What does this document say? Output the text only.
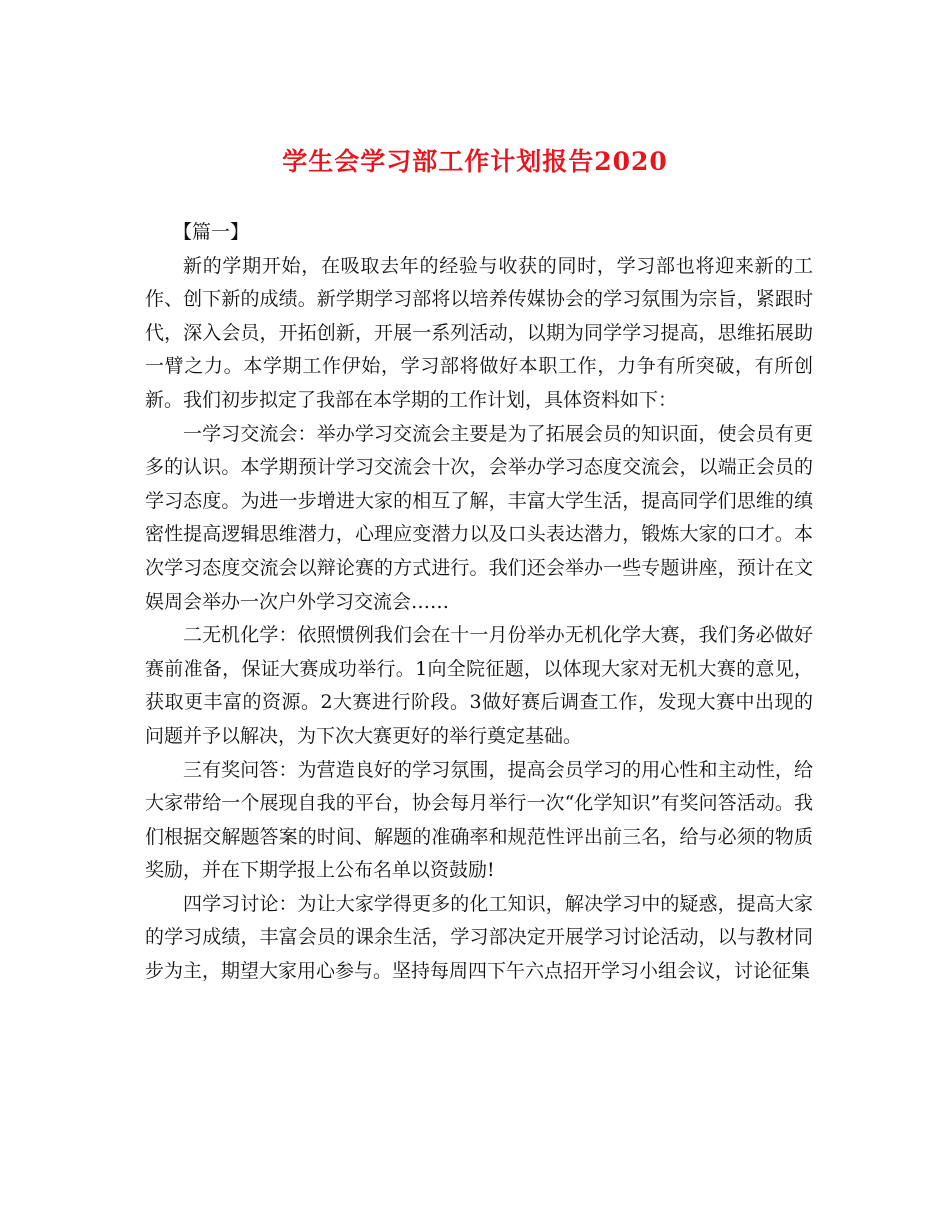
学生会学习部工作计划报告2020

【篇一】

新的学期开始，在吸取去年的经验与收获的同时，学习部也将迎来新的工作、创下新的成绩。新学期学习部将以培养传媒协会的学习氛围为宗旨，紧跟时代，深入会员，开拓创新，开展一系列活动，以期为同学学习提高，思维拓展助一臂之力。本学期工作伊始，学习部将做好本职工作，力争有所突破，有所创新。我们初步拟定了我部在本学期的工作计划，具体资料如下：

一学习交流会：举办学习交流会主要是为了拓展会员的知识面，使会员有更多的认识。本学期预计学习交流会十次，会举办学习态度交流会，以端正会员的学习态度。为进一步增进大家的相互了解，丰富大学生活，提高同学们思维的缜密性提高逻辑思维潜力，心理应变潜力以及口头表达潜力，锻炼大家的口才。本次学习态度交流会以辩论赛的方式进行。我们还会举办一些专题讲座，预计在文娱周会举办一次户外学习交流会……

二无机化学：依照惯例我们会在十一月份举办无机化学大赛，我们务必做好赛前准备，保证大赛成功举行。1向全院征题，以体现大家对无机大赛的意见，获取更丰富的资源。2大赛进行阶段。3做好赛后调查工作，发现大赛中出现的问题并予以解决，为下次大赛更好的举行奠定基础。

三有奖问答：为营造良好的学习氛围，提高会员学习的用心性和主动性，给大家带给一个展现自我的平台，协会每月举行一次“化学知识”有奖问答活动。我们根据交解题答案的时间、解题的准确率和规范性评出前三名，给与必须的物质奖励，并在下期学报上公布名单以资鼓励!

四学习讨论：为让大家学得更多的化工知识，解决学习中的疑惑，提高大家的学习成绩，丰富会员的课余生活，学习部决定开展学习讨论活动，以与教材同步为主，期望大家用心参与。坚持每周四下午六点招开学习小组会议，讨论征集
